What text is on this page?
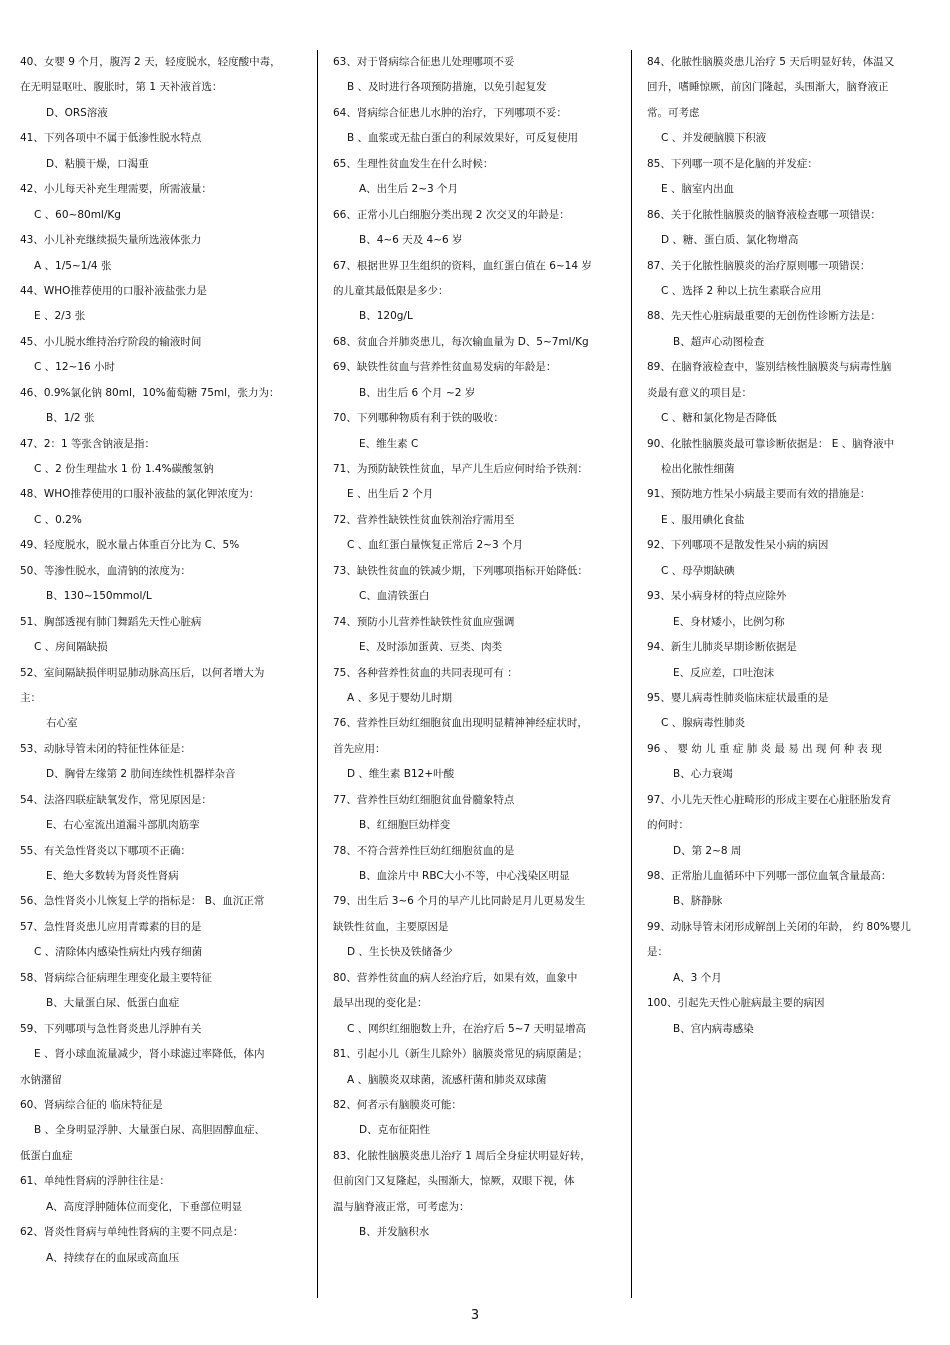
40、女婴 9 个月，腹泻 2 天，轻度脱水，轻度酸中毒，
在无明显呕吐、腹胀时，第 1 天补液首选：
D、ORS溶液
41、下列各项中不属于低渗性脱水特点
D、粘膜干燥，口渴重
42、小儿每天补充生理需要，所需液量：
C 、60~80ml/Kg
43、小儿补充继续损失量所选液体张力
A 、1/5~1/4 张
44、WHO推荐使用的口服补液盐张力是
E 、2/3 张
45、小儿脱水维持治疗阶段的输液时间
C 、12~16 小时
46、0.9%氯化钠 80ml，10%葡萄糖 75ml，张力为：
B、1/2 张
47、2：1 等张含钠液是指：
C 、2 份生理盐水 1 份 1.4%碳酸氢钠
48、WHO推荐使用的口服补液盐的氯化钾浓度为：
C 、0.2%
49、轻度脱水，脱水量占体重百分比为 C、5%
50、等渗性脱水，血清钠的浓度为：
B、130~150mmol/L
51、胸部透视有肺门舞蹈先天性心脏病
C 、房间隔缺损
52、室间隔缺损伴明显肺动脉高压后，以何者增大为
主：
右心室
53、动脉导管未闭的特征性体征是：
D、胸骨左缘第 2 肋间连续性机器样杂音
54、法洛四联症缺氧发作，常见原因是：
E、右心室流出道漏斗部肌肉筋挛
55、有关急性肾炎以下哪项不正确：
E、绝大多数转为肾炎性肾病
56、急性肾炎小儿恢复上学的指标是： B、血沉正常
57、急性肾炎患儿应用青霉素的目的是
C 、清除体内感染性病灶内残存细菌
58、肾病综合征病理生理变化最主要特征
B、大量蛋白尿、低蛋白血症
59、下列哪项与急性肾炎患儿浮肿有关
E 、肾小球血流量减少，肾小球滤过率降低，体内
水钠潴留
60、肾病综合征的 临床特征是
B 、全身明显浮肿、大量蛋白尿、高胆固醇血症、
低蛋白血症
61、单纯性肾病的浮肿往往是：
A、高度浮肿随体位而变化，下垂部位明显
62、肾炎性肾病与单纯性肾病的主要不同点是：
A、持续存在的血尿或高血压
63、对于肾病综合征患儿处理哪项不妥
B 、及时进行各项预防措施，以免引起复发
64、肾病综合征患儿水肿的治疗，下列哪项不妥：
B 、血浆或无盐白蛋白的利尿效果好，可反复使用
65、生理性贫血发生在什么时候：
A、出生后 2~3 个月
66、正常小儿白细胞分类出现 2 次交叉的年龄是：
B、4~6 天及 4~6 岁
67、根据世界卫生组织的资料，血红蛋白值在 6~14 岁
的儿童其最低限是多少：
B、120g/L
68、贫血合并肺炎患儿，每次输血量为 D、5~7ml/Kg
69、缺铁性贫血与营养性贫血易发病的年龄是：
B、出生后 6 个月 ~2 岁
70、下列哪种物质有利于铁的吸收：
E、维生素 C
71、为预防缺铁性贫血，早产儿生后应何时给予铁剂：
E 、出生后 2 个月
72、营养性缺铁性贫血铁剂治疗需用至
C 、血红蛋白量恢复正常后 2~3 个月
73、缺铁性贫血的铁减少期，下列哪项指标开始降低：
C、血清铁蛋白
74、预防小儿营养性缺铁性贫血应强调
E、及时添加蛋黄、豆类、肉类
75、各种营养性贫血的共同表现可有 ：
A 、多见于婴幼儿时期
76、营养性巨幼红细胞贫血出现明显精神神经症状时，
首先应用：
D 、维生素 B12+叶酸
77、营养性巨幼红细胞贫血骨髓象特点
B、红细胞巨幼样变
78、不符合营养性巨幼红细胞贫血的是
B、血涂片中 RBC大小不等，中心浅染区明显
79、出生后 3~6 个月的早产儿比同龄足月儿更易发生
缺铁性贫血，主要原因是
D 、生长快及铁储备少
80、营养性贫血的病人经治疗后，如果有效，血象中
最早出现的变化是：
C 、网织红细胞数上升，在治疗后 5~7 天明显增高
81、引起小儿（新生儿除外）脑膜炎常见的病原菌是；
A 、脑膜炎双球菌，流感杆菌和肺炎双球菌
82、何者示有脑膜炎可能：
D、克布征阳性
83、化脓性脑膜炎患儿治疗 1 周后全身症状明显好转，
但前囟门又复隆起，头围渐大，惊厥，双眼下视，体
温与脑脊液正常，可考虑为：
B、并发脑积水
84、化脓性脑膜炎患儿治疗 5 天后明显好转，体温又
回升，嗜睡惊厥，前囟门隆起，头围渐大，脑脊液正
常。可考虑
C 、并发硬脑膜下积液
85、下列哪一项不是化脑的并发症：
E 、脑室内出血
86、关于化脓性脑膜炎的脑脊液检查哪一项错误：
D 、糖、蛋白质、氯化物增高
87、关于化脓性脑膜炎的治疗原则哪一项错误：
C 、选择 2 种以上抗生素联合应用
88、先天性心脏病最重要的无创伤性诊断方法是：
B、超声心动图检查
89、在脑脊液检查中，鉴别结核性脑膜炎与病毒性脑
炎最有意义的项目是：
C 、糖和氯化物是否降低
90、化脓性脑膜炎最可靠诊断依据是： E 、脑脊液中
检出化脓性细菌
91、预防地方性呆小病最主要而有效的措施是：
E 、服用碘化食盐
92、下列哪项不是散发性呆小病的病因
C 、母孕期缺碘
93、呆小病身材的特点应除外
E、身材矮小，比例匀称
94、新生儿肺炎早期诊断依据是
E、反应差，口吐泡沫
95、婴儿病毒性肺炎临床症状最重的是
C 、腺病毒性肺炎
96 、 婴 幼 儿 重 症 肺 炎 最 易 出 现 何 种 表 现
B、心力衰竭
97、小儿先天性心脏畸形的形成主要在心脏胚胎发育
的何时：
D、第 2~8 周
98、正常胎儿血循环中下列哪一部位血氧含量最高：
B、脐静脉
99、动脉导管未闭形成解剖上关闭的年龄， 约 80%婴儿
是：
A、3 个月
100、引起先天性心脏病最主要的病因
B、宫内病毒感染
3
